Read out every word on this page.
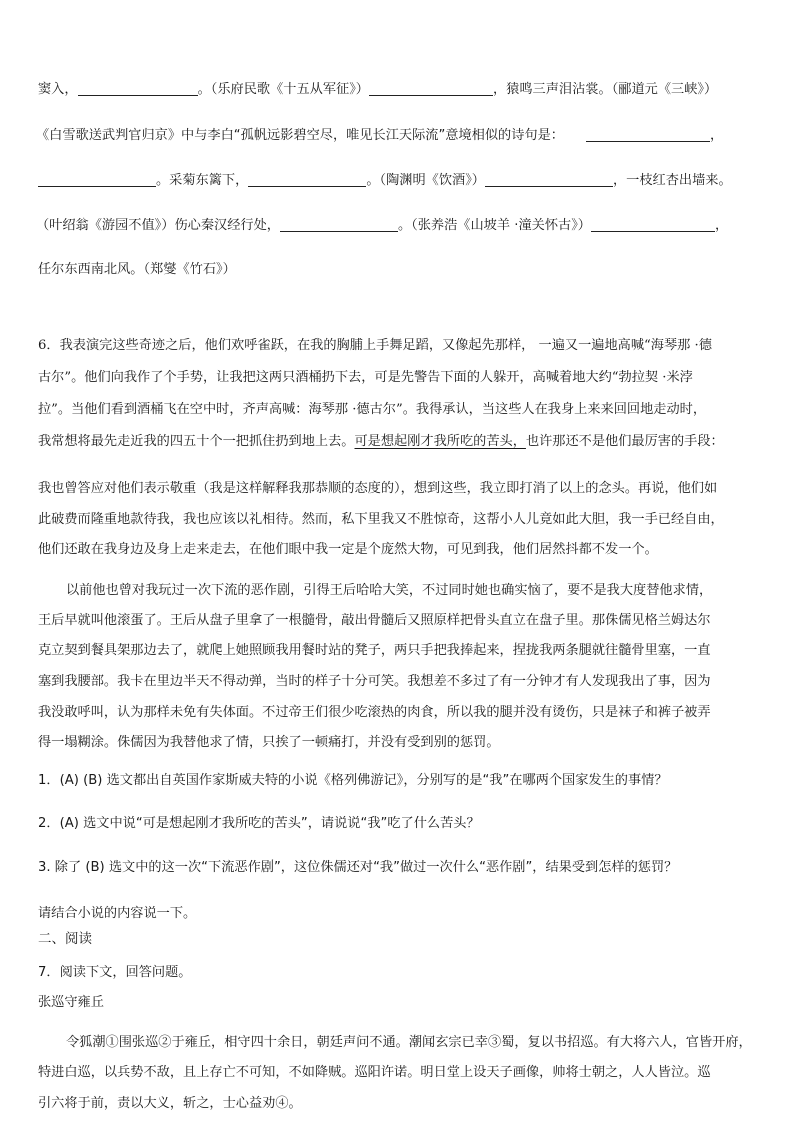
窦入，	。（乐府民歌《十五从军征》）	，猿鸣三声泪沾裳。（郦道元《三峡》）
《白雪歌送武判官归京》中与李白“孤帆远影碧空尽，唯见长江天际流”意境相似的诗句是：	，
。采菊东篱下，	。（陶渊明《饮酒》）	，一枝红杏出墙来。
（叶绍翁《游园不值》）伤心秦汉经行处，	。（张养浩《山坡羊 ·潼关怀古》）	，
任尔东西南北风。（郑燮《竹石》）
6．我表演完这些奇迹之后，他们欢呼雀跃，在我的胸脯上手舞足蹈，又像起先那样， 一遍又一遍地高喊“海琴那 ·德
古尔”。他们向我作了个手势，让我把这两只酒桶扔下去，可是先警告下面的人躲开，高喊着地大约“勃拉契 ·米浡
拉”。当他们看到酒桶飞在空中时，齐声高喊：海琴那 ·德古尔”。我得承认，当这些人在我身上来来回回地走动时，
我常想将最先走近我的四五十个一把抓住扔到地上去。可是想起刚才我所吃的苦头，也许那还不是他们最厉害的手段：
我也曾答应对他们表示敬重（我是这样解释我那恭顺的态度的），想到这些，我立即打消了以上的念头。再说，他们如
此破费而隆重地款待我，我也应该以礼相待。然而，私下里我又不胜惊奇，这帮小人儿竟如此大胆，我一手已经自由，
他们还敢在我身边及身上走来走去，在他们眼中我一定是个庞然大物，可见到我，他们居然抖都不发一个。
以前他也曾对我玩过一次下流的恶作剧，引得王后哈哈大笑，不过同时她也确实恼了，要不是我大度替他求情，
王后早就叫他滚蛋了。王后从盘子里拿了一根髓骨，敲出骨髓后又照原样把骨头直立在盘子里。那侏儒见格兰姆达尔
克立契到餐具架那边去了，就爬上她照顾我用餐时站的凳子，两只手把我捧起来，捏拢我两条腿就往髓骨里塞，一直
塞到我腰部。我卡在里边半天不得动弹，当时的样子十分可笑。我想差不多过了有一分钟才有人发现我出了事，因为
我没敢呼叫，认为那样未免有失体面。不过帝王们很少吃滚热的肉食，所以我的腿并没有烫伤，只是袜子和裤子被弄
得一塌糊涂。侏儒因为我替他求了情，只挨了一顿痛打，并没有受到别的惩罚。
1．(A) (B) 选文都出自英国作家斯威夫特的小说《格列佛游记》，分别写的是“我”在哪两个国家发生的事情？
2．(A) 选文中说“可是想起刚才我所吃的苦头”，请说说“我”吃了什么苦头？
3. 除了 (B) 选文中的这一次“下流恶作剧”，这位侏儒还对“我”做过一次什么“恶作剧”，结果受到怎样的惩罚？
请结合小说的内容说一下。
二、阅读
7．阅读下文，回答问题。
张巡守雍丘
令狐潮①围张巡②于雍丘，相守四十余日，朝廷声问不通。潮闻玄宗已幸③蜀，复以书招巡。有大将六人，官皆开府，
特进白巡，以兵势不敌，且上存亡不可知，不如降贼。巡阳许诺。明日堂上设天子画像，帅将士朝之，人人皆泣。巡
引六将于前，责以大义，斩之，士心益劝④。
